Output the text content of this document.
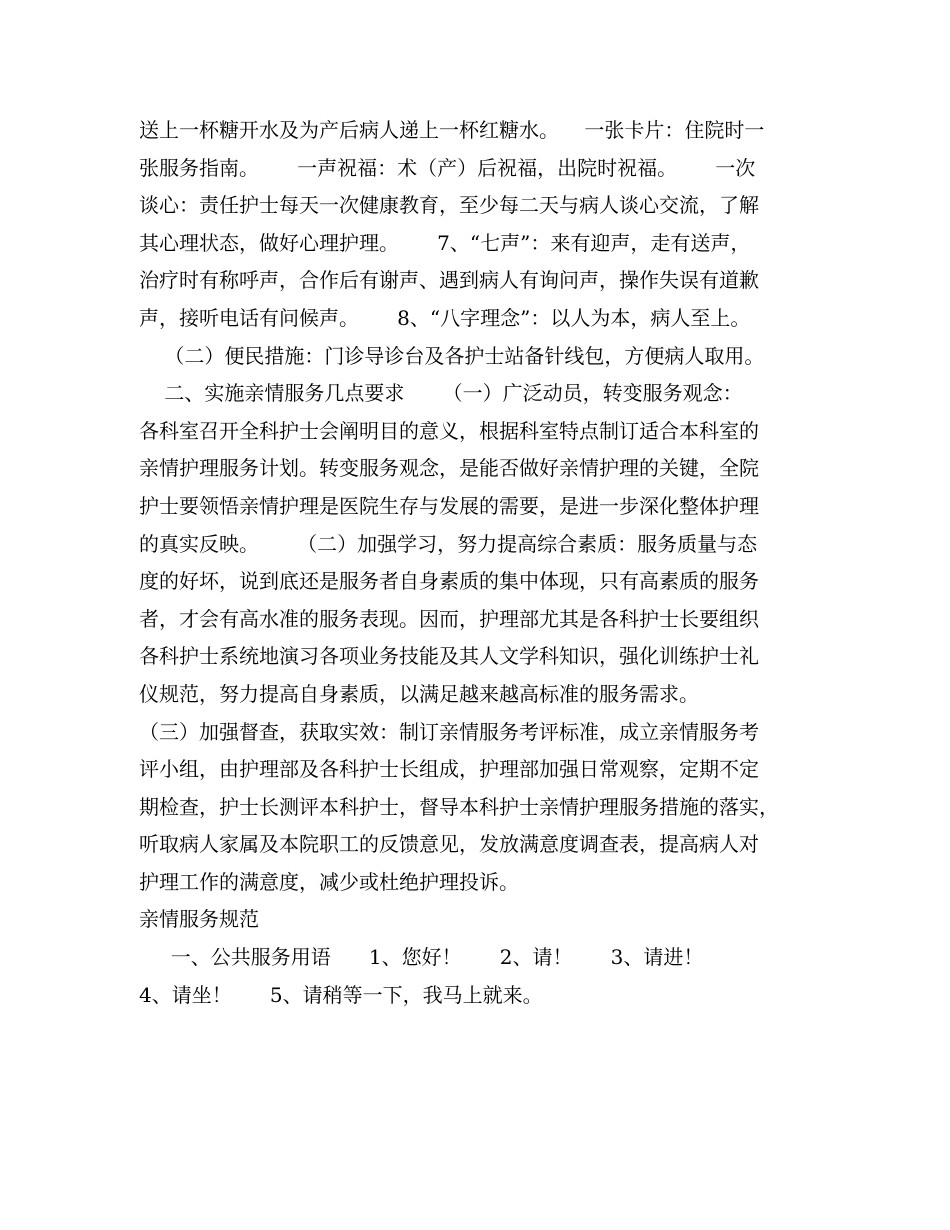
送上一杯糖开水及为产后病人递上一杯红糖水。    一张卡片：住院时一
张服务指南。      一声祝福：术（产）后祝福，出院时祝福。      一次
谈心：责任护士每天一次健康教育，至少每二天与病人谈心交流，了解
其心理状态，做好心理护理。      7、“七声”：来有迎声，走有送声，
治疗时有称呼声，合作后有谢声、遇到病人有询问声，操作失误有道歉
声，接听电话有问候声。      8、“八字理念”：以人为本，病人至上。
（二）便民措施：门诊导诊台及各护士站备针线包，方便病人取用。
二、实施亲情服务几点要求      （一）广泛动员，转变服务观念：
各科室召开全科护士会阐明目的意义，根据科室特点制订适合本科室的
亲情护理服务计划。转变服务观念，是能否做好亲情护理的关键，全院
护士要领悟亲情护理是医院生存与发展的需要，是进一步深化整体护理
的真实反映。      （二）加强学习，努力提高综合素质：服务质量与态
度的好坏，说到底还是服务者自身素质的集中体现，只有高素质的服务
者，才会有高水准的服务表现。因而，护理部尤其是各科护士长要组织
各科护士系统地演习各项业务技能及其人文学科知识，强化训练护士礼
仪规范，努力提高自身素质，以满足越来越高标准的服务需求。
（三）加强督查，获取实效：制订亲情服务考评标准，成立亲情服务考
评小组，由护理部及各科护士长组成，护理部加强日常观察，定期不定
期检查，护士长测评本科护士，督导本科护士亲情护理服务措施的落实，
听取病人家属及本院职工的反馈意见，发放满意度调查表，提高病人对
护理工作的满意度，减少或杜绝护理投诉。
亲情服务规范
一、公共服务用语      1、您好！      2、请！      3、请进！
4、请坐！      5、请稍等一下，我马上就来。
